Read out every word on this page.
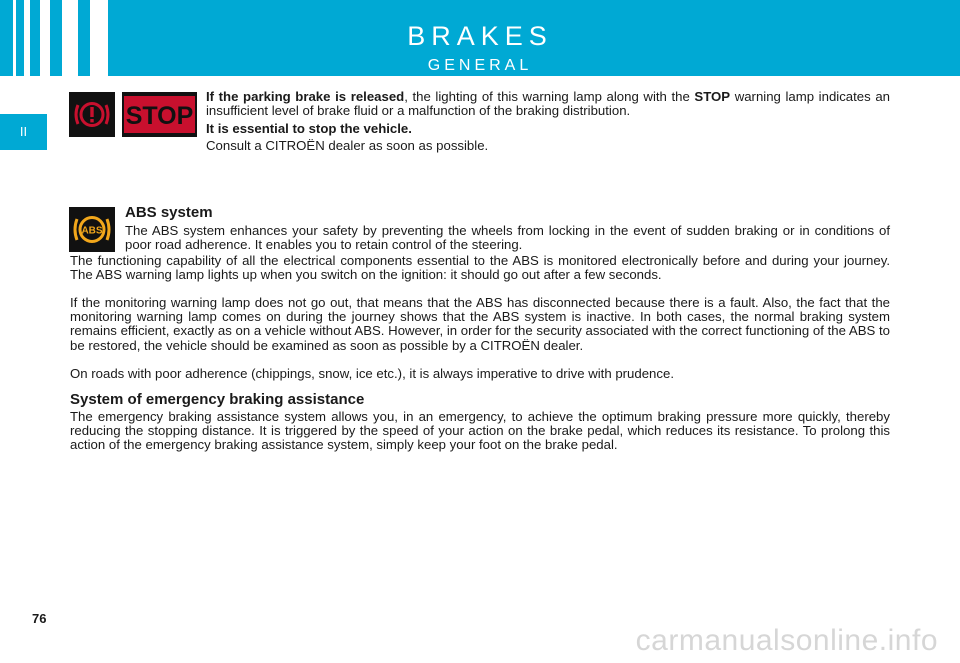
BRAKES
GENERAL
II
STOP

If the parking brake is released, the lighting of this warning lamp along with the STOP warning lamp indicates an insufficient level of brake fluid or a malfunction of the braking distribution.

It is essential to stop the vehicle.

Consult a CITROËN dealer as soon as possible.

ABS
ABS system

The ABS system enhances your safety by preventing the wheels from locking in the event of sudden braking or in conditions of poor road adherence. It enables you to retain control of the steering.

The functioning capability of all the electrical components essential to the ABS is monitored electronically before and during your journey. The ABS warning lamp lights up when you switch on the ignition: it should go out after a few seconds.

If the monitoring warning lamp does not go out, that means that the ABS has disconnected because there is a fault. Also, the fact that the monitoring warning lamp comes on during the journey shows that the ABS system is inactive. In both cases, the normal braking system remains efficient, exactly as on a vehicle without ABS. However, in order for the security associated with the correct functioning of the ABS to be restored, the vehicle should be examined as soon as possible by a CITROËN dealer.

On roads with poor adherence (chippings, snow, ice etc.), it is always imperative to drive with prudence.

System of emergency braking assistance

The emergency braking assistance system allows you, in an emergency, to achieve the optimum braking pressure more quickly, thereby reducing the stopping distance. It is triggered by the speed of your action on the brake pedal, which reduces its resistance. To prolong this action of the emergency braking assistance system, simply keep your foot on the brake pedal.

76
carmanualsonline.info
